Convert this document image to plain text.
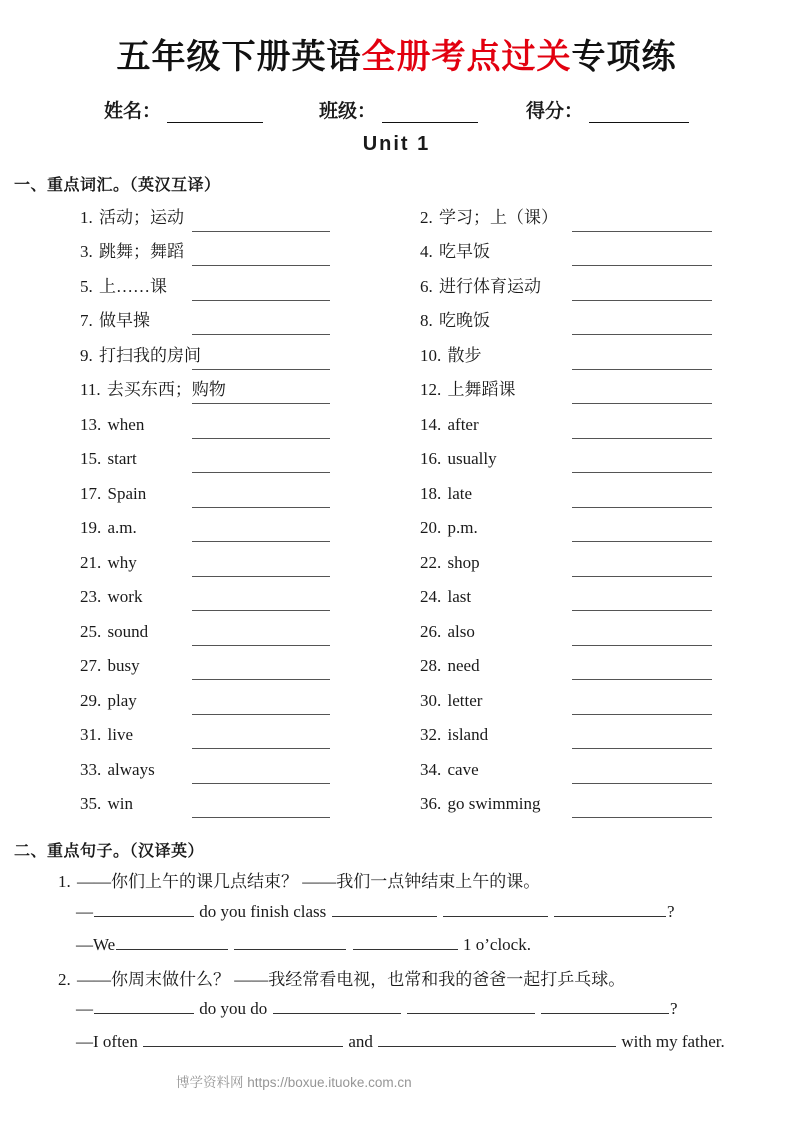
五年级下册英语全册考点过关专项练
姓名：	班级：	得分：
Unit 1
一、重点词汇。（英汉互译）
1. 活动；运动	2. 学习；上（课）
3. 跳舞；舞蹈	4. 吃早饭
5. 上……课	6. 进行体育运动
7. 做早操	8. 吃晚饭
9. 打扫我的房间	10. 散步
11. 去买东西；购物	12. 上舞蹈课
13. when	14. after
15. start	16. usually
17. Spain	18. late
19. a.m.	20. p.m.
21. why	22. shop
23. work	24. last
25. sound	26. also
27. busy	28. need
29. play	30. letter
31. live	32. island
33. always	34. cave
35. win	36. go swimming
二、重点句子。（汉译英）
1. ——你们上午的课几点结束？ ——我们一点钟结束上午的课。
—	do you finish class	?
—We	1 o’clock.
2. ——你周末做什么？ ——我经常看电视，也常和我的爸爸一起打乒乓球。
—	do you do	?
—I often	and	with my father.
博学资料网 https://boxue.ituoke.com.cn
